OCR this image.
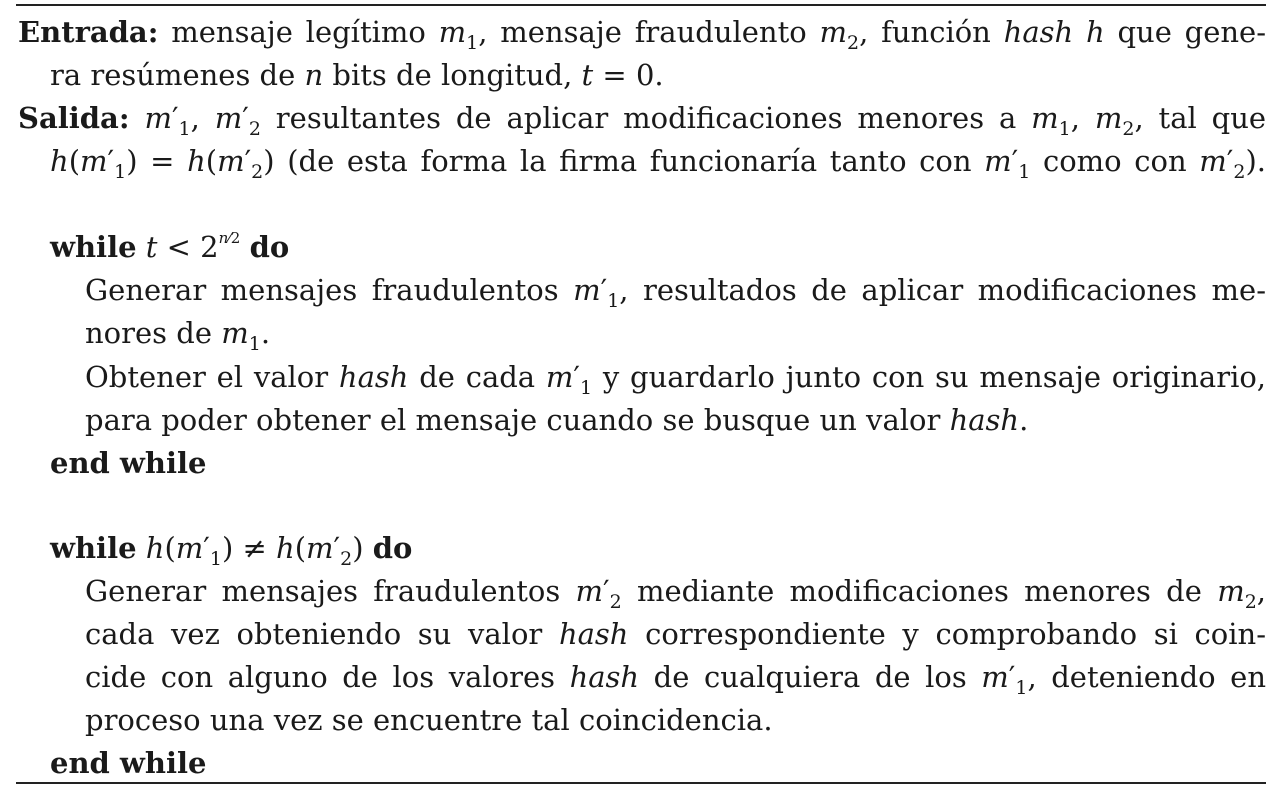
Entrada: mensaje legítimo $m_1$, mensaje fraudulento $m_2$, función hash h que gene-
ra resúmenes de n bits de longitud, t = 0.
Salida: $m'_1$, $m'_2$ resultantes de aplicar modificaciones menores a $m_1$, $m_2$, tal que
$h(m'_1) = h(m'_2)$ (de esta forma la firma funcionaría tanto con $m'_1$ como con $m'_2$).
while $t < 2^{n⁄2}$ do
Generar mensajes fraudulentos $m'_1$, resultados de aplicar modificaciones me-
nores de $m_1$.
Obtener el valor hash de cada $m'_1$ y guardarlo junto con su mensaje originario,
para poder obtener el mensaje cuando se busque un valor hash.
end while
while $h(m'_1) \ne h(m'_2)$ do
Generar mensajes fraudulentos $m'_2$ mediante modificaciones menores de $m_2$,
cada vez obteniendo su valor hash correspondiente y comprobando si coin-
cide con alguno de los valores hash de cualquiera de los $m'_1$, deteniendo en
proceso una vez se encuentre tal coincidencia.
end while
